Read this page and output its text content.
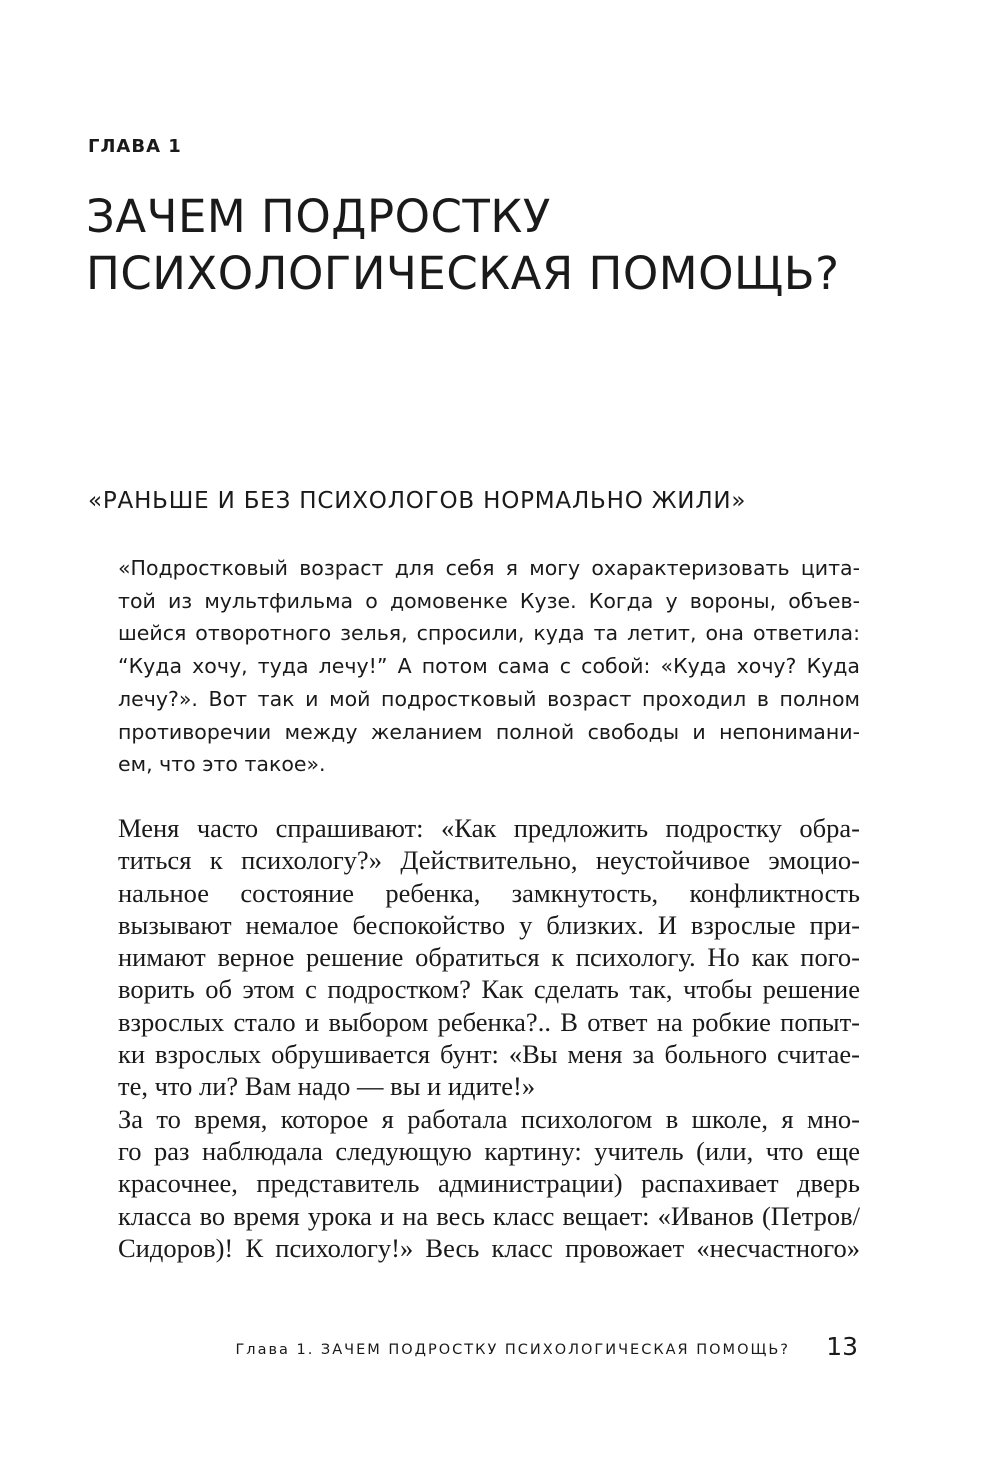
ГЛАВА 1
ЗАЧЕМ ПОДРОСТКУ
ПСИХОЛОГИЧЕСКАЯ ПОМОЩЬ?
«РАНЬШЕ И БЕЗ ПСИХОЛОГОВ НОРМАЛЬНО ЖИЛИ»
«Подростковый возраст для себя я могу охарактеризовать цита-
той из мультфильма о домовенке Кузе. Когда у вороны, объев-
шейся отворотного зелья, спросили, куда та летит, она ответила:
“Куда хочу, туда лечу!” А потом сама с собой: «Куда хочу? Куда
лечу?». Вот так и мой подростковый возраст проходил в полном
противоречии между желанием полной свободы и непонимани-
ем, что это такое».
Меня часто спрашивают: «Как предложить подростку обра-
титься к психологу?» Действительно, неустойчивое эмоцио-
нальное состояние ребенка, замкнутость, конфликтность
вызывают немалое беспокойство у близких. И взрослые при-
нимают верное решение обратиться к психологу. Но как пого-
ворить об этом с подростком? Как сделать так, чтобы решение
взрослых стало и выбором ребенка?.. В ответ на робкие попыт-
ки взрослых обрушивается бунт: «Вы меня за больного считае-
те, что ли? Вам надо — вы и идите!»
За то время, которое я работала психологом в школе, я мно-
го раз наблюдала следующую картину: учитель (или, что еще
красочнее, представитель администрации) распахивает дверь
класса во время урока и на весь класс вещает: «Иванов (Петров/
Сидоров)! К психологу!» Весь класс провожает «несчастного»
Глава 1. ЗАЧЕМ ПОДРОСТКУ ПСИХОЛОГИЧЕСКАЯ ПОМОЩЬ? 13
